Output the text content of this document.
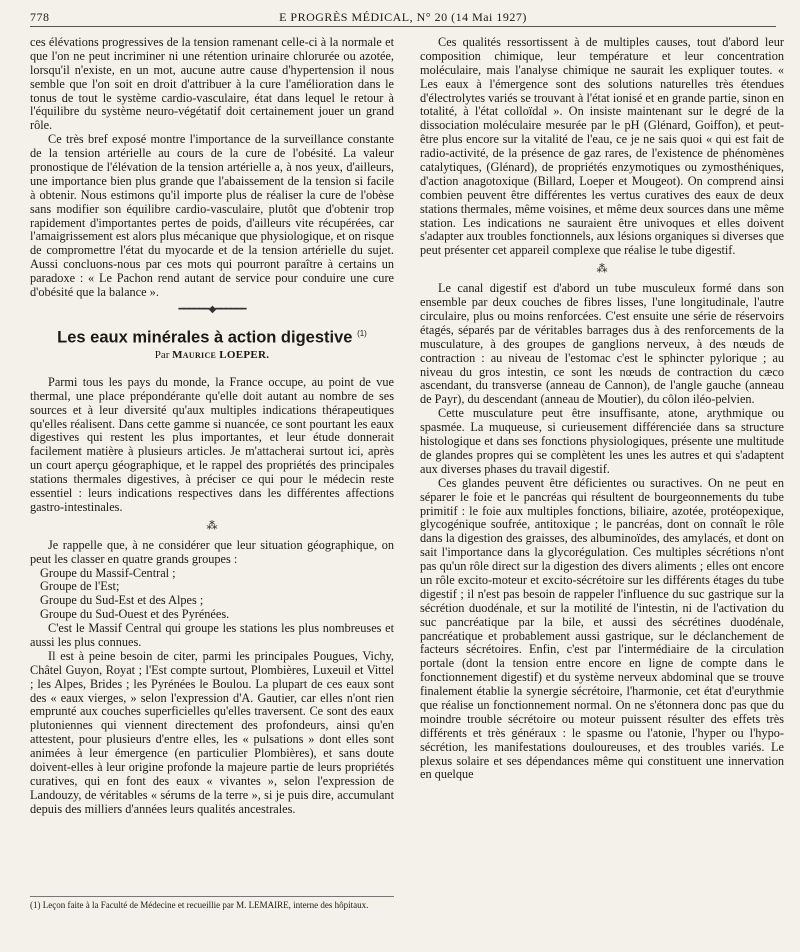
778	E PROGRÈS MÉDICAL, N° 20 (14 Mai 1927)

ces élévations progressives de la tension ramenant celle-ci à la normale et que l'on ne peut incriminer ni une rétention urinaire chlorurée ou azotée, lorsqu'il n'existe, en un mot, aucune autre cause d'hypertension il nous semble que l'on soit en droit d'attribuer à la cure l'amélioration dans le tonus de tout le système cardio-vasculaire, état dans lequel le retour à l'équilibre du système neuro-végétatif doit certainement jouer un grand rôle.

Ce très bref exposé montre l'importance de la surveillance constante de la tension artérielle au cours de la cure de l'obésité. La valeur pronostique de l'élévation de la tension artérielle a, à nos yeux, d'ailleurs, une importance bien plus grande que l'abaissement de la tension si facile à obtenir. Nous estimons qu'il importe plus de réaliser la cure de l'obèse sans modifier son équilibre cardio-vasculaire, plutôt que d'obtenir trop rapidement d'importantes pertes de poids, d'ailleurs vite récupérées, car l'amaigrissement est alors plus mécanique que physiologique, et on risque de compromettre l'état du myocarde et de la tension artérielle du sujet. Aussi concluons-nous par ces mots qui pourront paraître à certains un paradoxe : « Le Pachon rend autant de service pour conduire une cure d'obésité que la balance ».

━━━━━━◆━━━━━━
Les eaux minérales à action digestive $^{(1)}$
Par Maurice LOEPER.

Parmi tous les pays du monde, la France occupe, au point de vue thermal, une place prépondérante qu'elle doit autant au nombre de ses sources et à leur diversité qu'aux multiples indications thérapeutiques qu'elles réalisent. Dans cette gamme si nuancée, ce sont pourtant les eaux digestives qui restent les plus importantes, et leur étude donnerait facilement matière à plusieurs articles. Je m'attacherai surtout ici, après un court aperçu géographique, et le rappel des propriétés des principales stations thermales digestives, à préciser ce qui pour le médecin reste essentiel : leurs indications respectives dans les différentes affections gastro-intestinales.

⁂

Je rappelle que, à ne considérer que leur situation géographique, on peut les classer en quatre grands groupes :

Groupe du Massif-Central ;

Groupe de l'Est;

Groupe du Sud-Est et des Alpes ;

Groupe du Sud-Ouest et des Pyrénées.

C'est le Massif Central qui groupe les stations les plus nombreuses et aussi les plus connues.

Il est à peine besoin de citer, parmi les principales Pougues, Vichy, Châtel Guyon, Royat ; l'Est compte surtout, Plombières, Luxeuil et Vittel ; les Alpes, Brides ; les Pyrénées le Boulou. La plupart de ces eaux sont des « eaux vierges, » selon l'expression d'A. Gautier, car elles n'ont rien emprunté aux couches superficielles qu'elles traversent. Ce sont des eaux plutoniennes qui viennent directement des profondeurs, ainsi qu'en attestent, pour plusieurs d'entre elles, les « pulsations » dont elles sont animées à leur émergence (en particulier Plombières), et sans doute doivent-elles à leur origine profonde la majeure partie de leurs propriétés curatives, qui en font des eaux « vivantes », selon l'expression de Landouzy, de véritables « sérums de la terre », si je puis dire, accumulant depuis des milliers d'années leurs qualités ancestrales.

(1) Leçon faite à la Faculté de Médecine et recueillie par M. LEMAIRE, interne des hôpitaux.

Ces qualités ressortissent à de multiples causes, tout d'abord leur composition chimique, leur température et leur concentration moléculaire, mais l'analyse chimique ne saurait les expliquer toutes. « Les eaux à l'émergence sont des solutions naturelles très étendues d'électrolytes variés se trouvant à l'état ionisé et en grande partie, sinon en totalité, à l'état colloïdal ». On insiste maintenant sur le degré de la dissociation moléculaire mesurée par le pH (Glénard, Goiffon), et peut-être plus encore sur la vitalité de l'eau, ce je ne sais quoi « qui est fait de radio-activité, de la présence de gaz rares, de l'existence de phénomènes catalytiques, (Glénard), de propriétés enzymotiques ou zymosthéniques, d'action anagotoxique (Billard, Loeper et Mougeot). On comprend ainsi combien peuvent être différentes les vertus curatives des eaux de deux stations thermales, même voisines, et même deux sources dans une même station. Les indications ne sauraient être univoques et elles doivent s'adapter aux troubles fonctionnels, aux lésions organiques si diverses que peut présenter cet appareil complexe que réalise le tube digestif.

⁂

Le canal digestif est d'abord un tube musculeux formé dans son ensemble par deux couches de fibres lisses, l'une longitudinale, l'autre circulaire, plus ou moins renforcées. C'est ensuite une série de réservoirs étagés, séparés par de véritables barrages dus à des renforcements de la musculature, à des groupes de ganglions nerveux, à des nœuds de contraction : au niveau de l'estomac c'est le sphincter pylorique ; au niveau du gros intestin, ce sont les nœuds de contraction du cæco ascendant, du transverse (anneau de Cannon), de l'angle gauche (anneau de Payr), du descendant (anneau de Moutier), du côlon iléo-pelvien.

Cette musculature peut être insuffisante, atone, arythmique ou spasmée. La muqueuse, si curieusement différenciée dans sa structure histologique et dans ses fonctions physiologiques, présente une multitude de glandes propres qui se complètent les unes les autres et qui s'adaptent aux diverses phases du travail digestif.

Ces glandes peuvent être déficientes ou suractives. On ne peut en séparer le foie et le pancréas qui résultent de bourgeonnements du tube primitif : le foie aux multiples fonctions, biliaire, azotée, protéopexique, glycogénique soufrée, antitoxique ; le pancréas, dont on connaît le rôle dans la digestion des graisses, des albuminoïdes, des amylacés, et dont on sait l'importance dans la glycorégulation. Ces multiples sécrétions n'ont pas qu'un rôle direct sur la digestion des divers aliments ; elles ont encore un rôle excito-moteur et excito-sécrétoire sur les différents étages du tube digestif ; il n'est pas besoin de rappeler l'influence du suc gastrique sur la sécrétion duodénale, et sur la motilité de l'intestin, ni de l'activation du suc pancréatique par la bile, et aussi des sécrétines duodénale, pancréatique et probablement aussi gastrique, sur le déclanchement de facteurs sécrétoires. Enfin, c'est par l'intermédiaire de la circulation portale (dont la tension entre encore en ligne de compte dans le fonctionnement digestif) et du système nerveux abdominal que se trouve finalement établie la synergie sécrétoire, l'harmonie, cet état d'eurythmie que réalise un fonctionnement normal. On ne s'étonnera donc pas que du moindre trouble sécrétoire ou moteur puissent résulter des effets très différents et très généraux : le spasme ou l'atonie, l'hyper ou l'hypo-sécrétion, les manifestations douloureuses, et des troubles variés. Le plexus solaire et ses dépendances même qui constituent une innervation en quelque
